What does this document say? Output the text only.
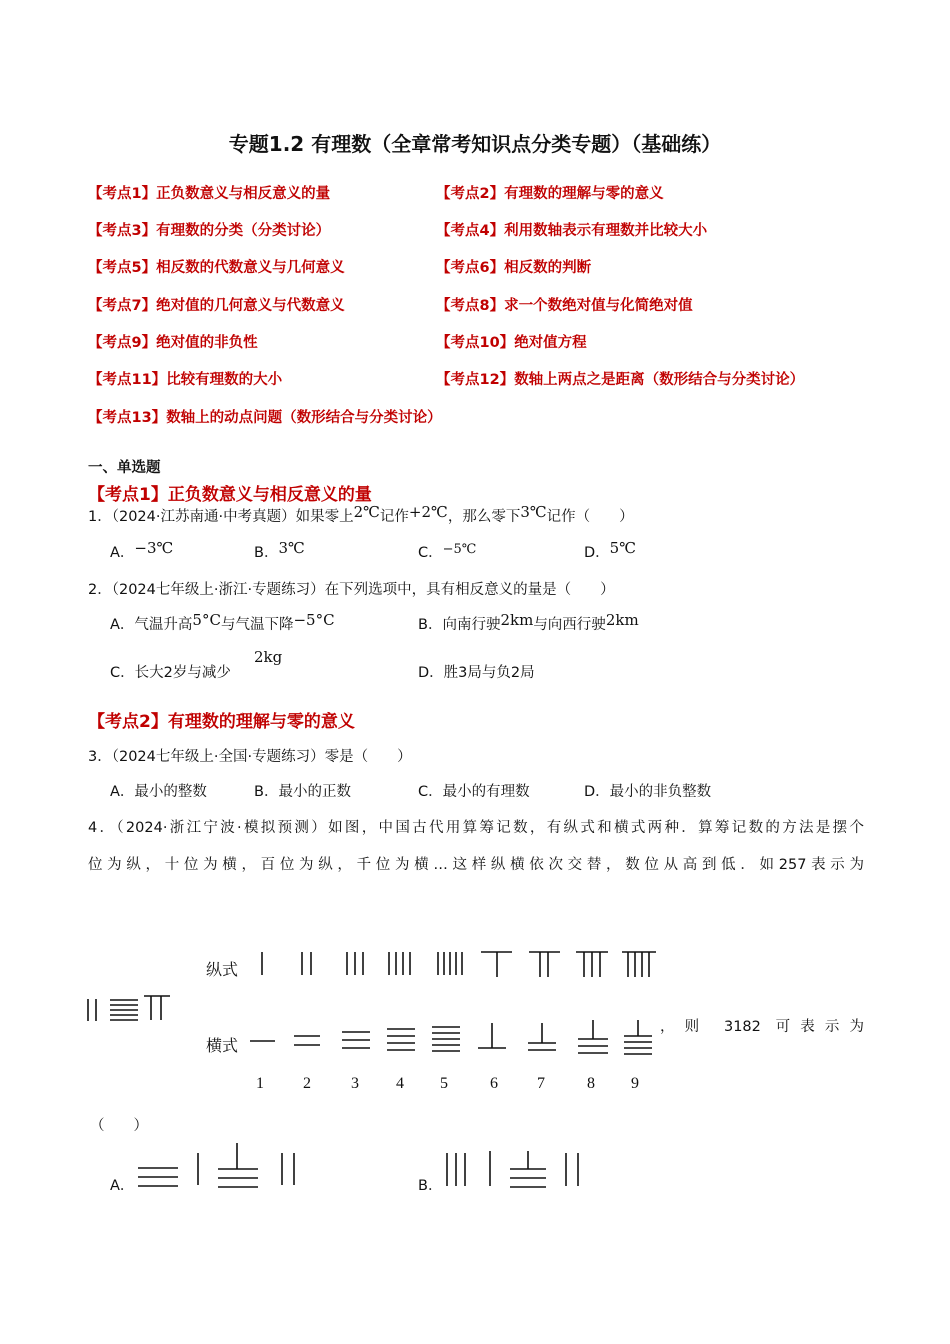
专题1.2 有理数（全章常考知识点分类专题）（基础练）
【考点1】正负数意义与相反意义的量	【考点2】有理数的理解与零的意义
【考点3】有理数的分类（分类讨论）	【考点4】利用数轴表示有理数并比较大小
【考点5】相反数的代数意义与几何意义	【考点6】相反数的判断
【考点7】绝对值的几何意义与代数意义	【考点8】求一个数绝对值与化简绝对值
【考点9】绝对值的非负性	【考点10】绝对值方程
【考点11】比较有理数的大小	【考点12】数轴上两点之是距离（数形结合与分类讨论）
【考点13】数轴上的动点问题（数形结合与分类讨论）
一、单选题
【考点1】正负数意义与相反意义的量
1．（2024·江苏南通·中考真题）如果零上2℃记作+2℃，那么零下3℃记作（　　）
A．−3℃	B．3℃	C．−5℃	D．5℃
2．（2024七年级上·浙江·专题练习）在下列选项中，具有相反意义的量是（　　）
A．气温升高5°C与气温下降−5°C	B．向南行驶2km与向西行驶2km
C．长大2岁与减少
2kg
D．胜3局与负2局
【考点2】有理数的理解与零的意义
3．（2024七年级上·全国·专题练习）零是（　　）
A．最小的整数	B．最小的正数	C．最小的有理数	D．最小的非负整数
4．（2024·浙江宁波·模拟预测）如图，中国古代用算筹记数，有纵式和横式两种．算筹记数的方法是摆个
位为纵，十位为横，百位为纵，千位为横…这样纵横依次交替，数位从高到低．如257表示为
纵式
横式
1 2	3 4 5	6 7	8 9
，则 3182 可表示为
（　　）
A．	B．
